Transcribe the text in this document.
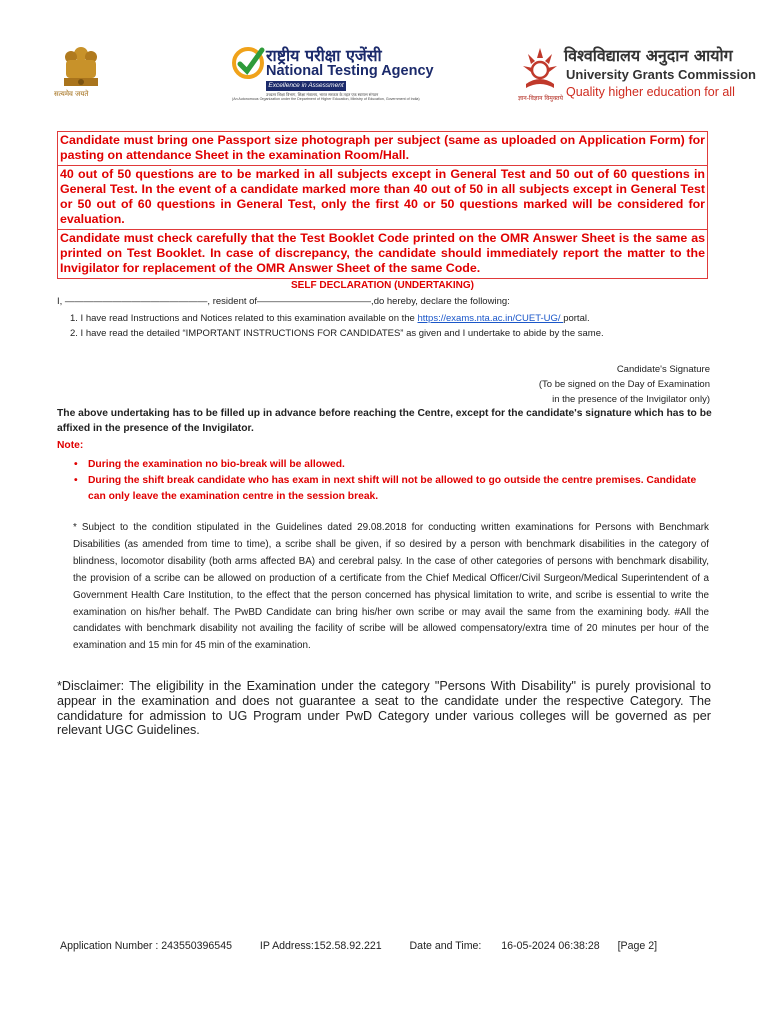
सत्यमेव जयते
राष्ट्रीय परीक्षा एजेंसी
National Testing Agency
Excellence in Assessment
उच्चतर शिक्षा विभाग, शिक्षा मंत्रालय, भारत सरकार के तहत एक स्वायत्त संगठन
(An Autonomous Organization under the Department of Higher Education, Ministry of Education, Government of India)	ज्ञान-विज्ञान विमुक्तये
विश्वविद्यालय अनुदान आयोग
University Grants Commission
Quality higher education for all
Candidate must bring one Passport size photograph per subject (same as uploaded on Application Form) for pasting on attendance Sheet in the examination Room/Hall.
40 out of 50 questions are to be marked in all subjects except in General Test and 50 out of 60 questions in General Test. In the event of a candidate marked more than 40 out of 50 in all subjects except in General Test or 50 out of 60 questions in General Test, only the first 40 or 50 questions marked will be considered for evaluation.
Candidate must check carefully that the Test Booklet Code printed on the OMR Answer Sheet is the same as printed on Test Booklet. In case of discrepancy, the candidate should immediately report the matter to the Invigilator for replacement of the OMR Answer Sheet of the same Code.
SELF DECLARATION (UNDERTAKING)
I, ———————————————, resident of————————————,do hereby, declare the following:
1. I have read Instructions and Notices related to this examination available on the https://exams.nta.ac.in/CUET-UG/ portal.
2. I have read the detailed “IMPORTANT INSTRUCTIONS FOR CANDIDATES” as given and I undertake to abide by the same.
Candidate's Signature
(To be signed on the Day of Examination
in the presence of the Invigilator only)
The above undertaking has to be filled up in advance before reaching the Centre, except for the candidate's signature which has to be affixed in the presence of the Invigilator.
Note:
• During the examination no bio-break will be allowed.
• During the shift break candidate who has exam in next shift will not be allowed to go outside the centre premises. Candidate can only leave the examination centre in the session break.
* Subject to the condition stipulated in the Guidelines dated 29.08.2018 for conducting written examinations for Persons with Benchmark Disabilities (as amended from time to time), a scribe shall be given, if so desired by a person with benchmark disabilities in the category of blindness, locomotor disability (both arms affected BA) and cerebral palsy. In the case of other categories of persons with benchmark disability, the provision of a scribe can be allowed on production of a certificate from the Chief Medical Officer/Civil Surgeon/Medical Superintendent of a Government Health Care Institution, to the effect that the person concerned has physical limitation to write, and scribe is essential to write the examination on his/her behalf. The PwBD Candidate can bring his/her own scribe or may avail the same from the examining body. #All the candidates with benchmark disability not availing the facility of scribe will be allowed compensatory/extra time of 20 minutes per hour of the examination and 15 min for 45 min of the examination.
*Disclaimer: The eligibility in the Examination under the category "Persons With Disability" is purely provisional to appear in the examination and does not guarantee a seat to the candidate under the respective Category. The candidature for admission to UG Program under PwD Category under various colleges will be governed as per relevant UGC Guidelines.
Application Number : 243550396545	IP Address:152.58.92.221	Date and Time: 16-05-2024 06:38:28 [Page 2]
